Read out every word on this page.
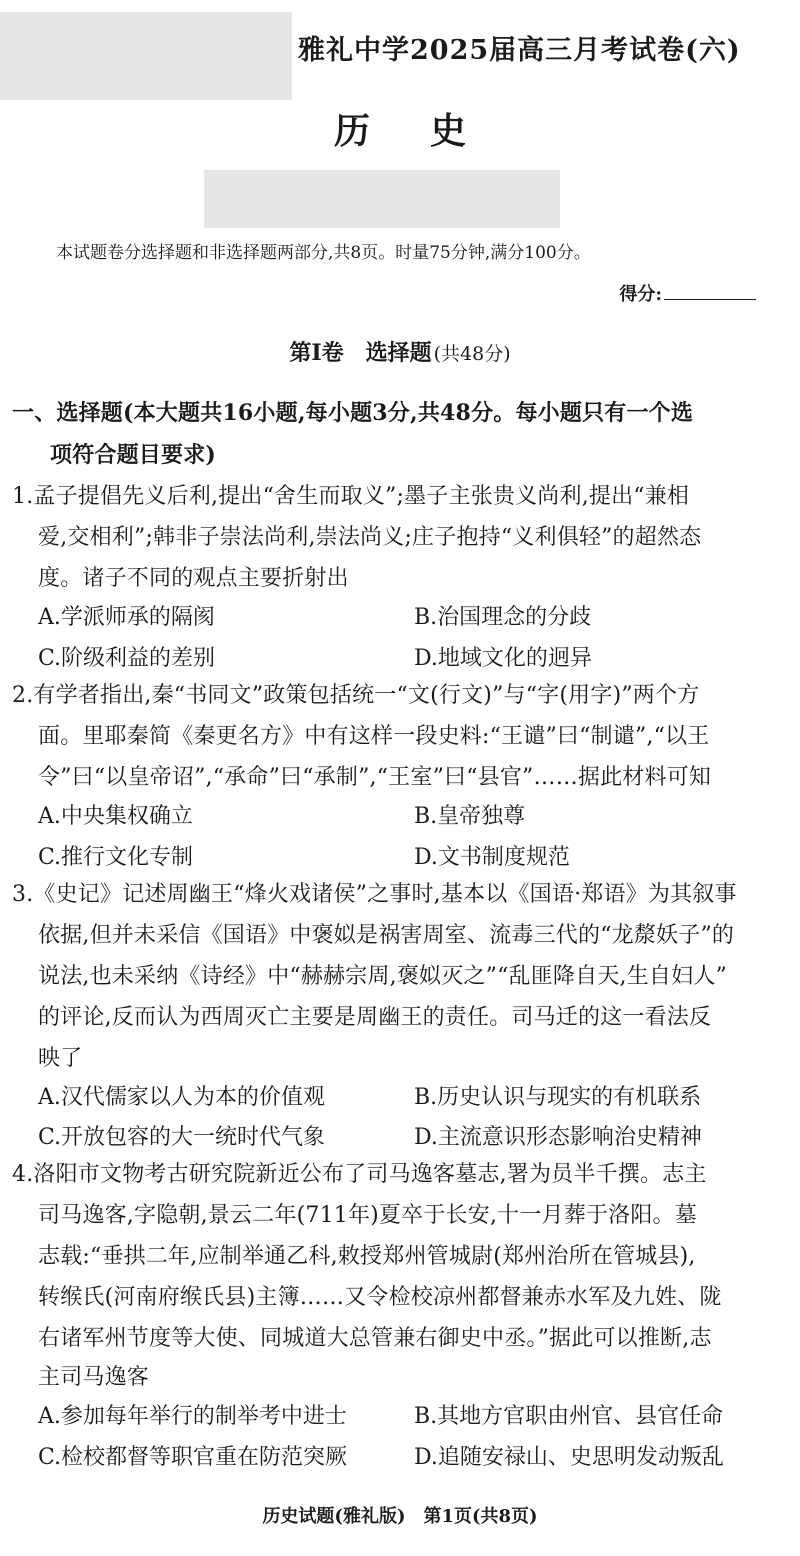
雅礼中学2025届高三月考试卷(六)
历史
本试题卷分选择题和非选择题两部分,共8页。时量75分钟,满分100分。
得分:
第Ⅰ卷　选择题 (共48分)
一、选择题(本大题共16小题,每小题3分,共48分。每小题只有一个选
项符合题目要求)
1.孟子提倡先义后利,提出“舍生而取义”;墨子主张贵义尚利,提出“兼相
爱,交相利”;韩非子崇法尚利,崇法尚义;庄子抱持“义利俱轻”的超然态
度。诸子不同的观点主要折射出
A.学派师承的隔阂	B.治国理念的分歧
C.阶级利益的差别	D.地域文化的迥异
2.有学者指出,秦“书同文”政策包括统一“文(行文)”与“字(用字)”两个方
面。里耶秦简《秦更名方》中有这样一段史料:“王谴”曰“制谴”,“以王
令”曰“以皇帝诏”,“承命”曰“承制”,“王室”曰“县官”……据此材料可知
A.中央集权确立	B.皇帝独尊
C.推行文化专制	D.文书制度规范
3.《史记》记述周幽王“烽火戏诸侯”之事时,基本以《国语·郑语》为其叙事
依据,但并未采信《国语》中褒姒是祸害周室、流毒三代的“龙漦妖子”的
说法,也未采纳《诗经》中“赫赫宗周,褒姒灭之”“乱匪降自天,生自妇人”
的评论,反而认为西周灭亡主要是周幽王的责任。司马迁的这一看法反
映了
A.汉代儒家以人为本的价值观	B.历史认识与现实的有机联系
C.开放包容的大一统时代气象	D.主流意识形态影响治史精神
4.洛阳市文物考古研究院新近公布了司马逸客墓志,署为员半千撰。志主
司马逸客,字隐朝,景云二年(711年)夏卒于长安,十一月葬于洛阳。墓
志载:“垂拱二年,应制举通乙科,敕授郑州管城尉(郑州治所在管城县),
转缑氏(河南府缑氏县)主簿……又令检校凉州都督兼赤水军及九姓、陇
右诸军州节度等大使、同城道大总管兼右御史中丞。”据此可以推断,志
主司马逸客
A.参加每年举行的制举考中进士	B.其地方官职由州官、县官任命
C.检校都督等职官重在防范突厥	D.追随安禄山、史思明发动叛乱
历史试题(雅礼版)　第1页(共8页)
